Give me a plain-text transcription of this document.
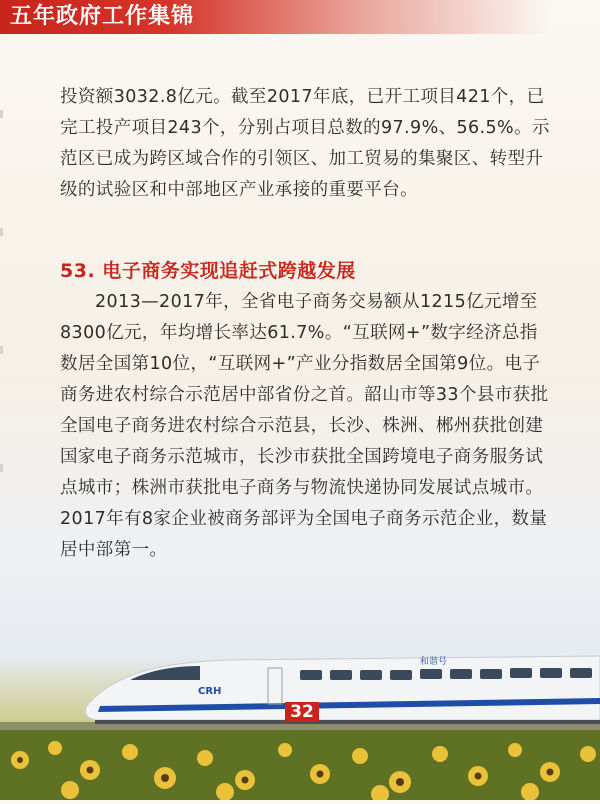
五年政府工作集锦

投资额3032.8亿元。截至2017年底，已开工项目421个，已完工投产项目243个，分别占项目总数的97.9%、56.5%。示范区已成为跨区域合作的引领区、加工贸易的集聚区、转型升级的试验区和中部地区产业承接的重要平台。

53. 电子商务实现追赶式跨越发展

2013—2017年，全省电子商务交易额从1215亿元增至8300亿元，年均增长率达61.7%。“互联网+”数字经济总指数居全国第10位，“互联网+”产业分指数居全国第9位。电子商务进农村综合示范居中部省份之首。韶山市等33个县市获批全国电子商务进农村综合示范县，长沙、株洲、郴州获批创建国家电子商务示范城市，长沙市获批全国跨境电子商务服务试点城市；株洲市获批电子商务与物流快递协同发展试点城市。2017年有8家企业被商务部评为全国电子商务示范企业，数量居中部第一。

CRH
和谐号
32
